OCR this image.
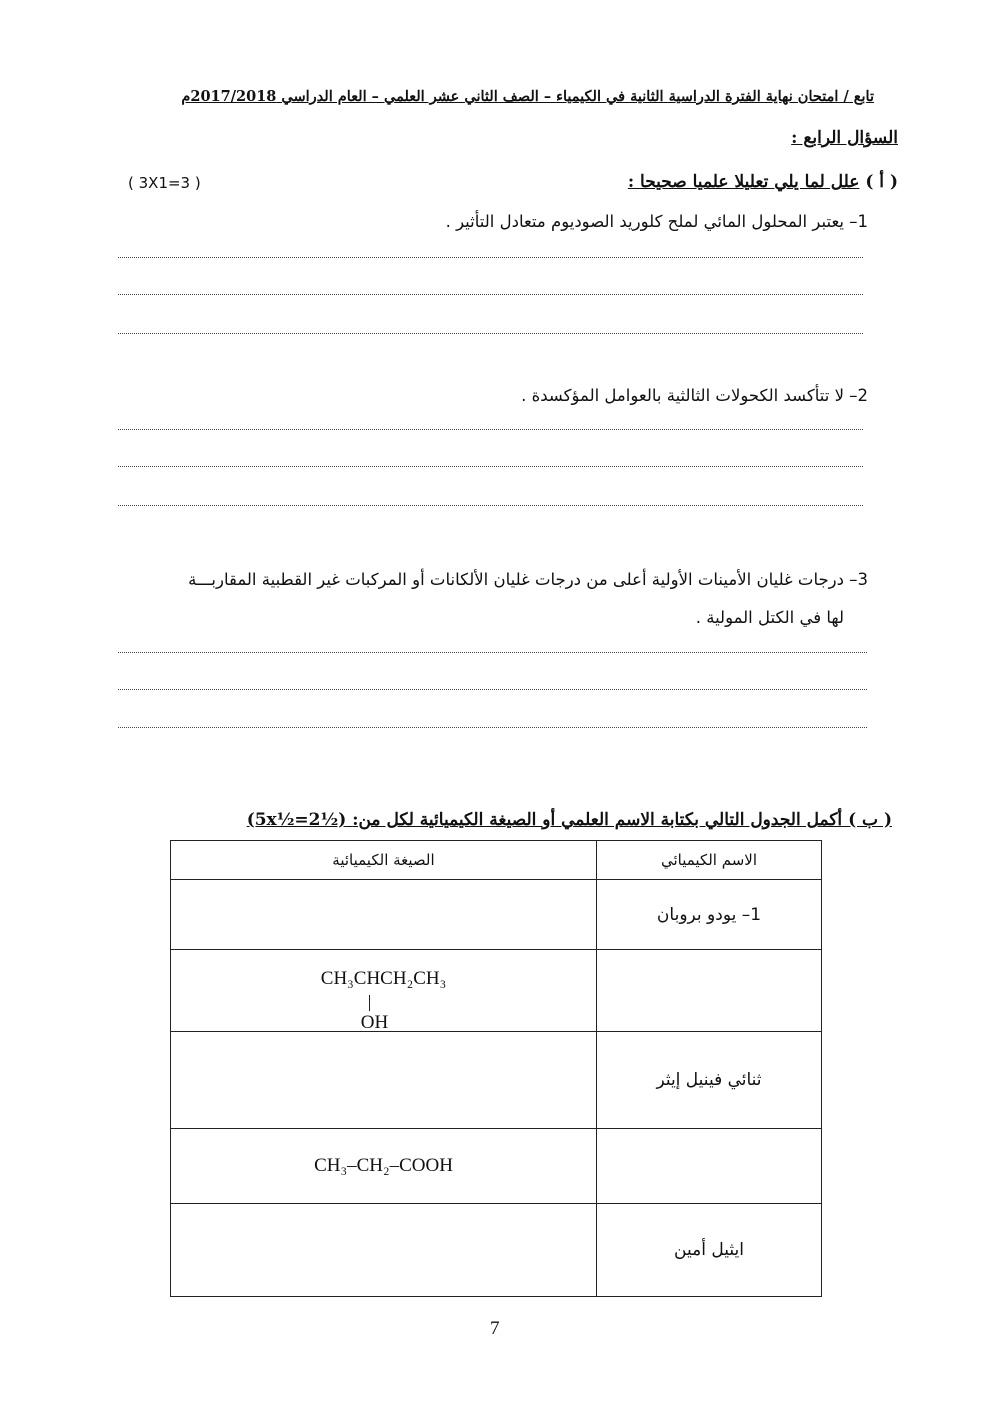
تابع / امتحان نهاية الفترة الدراسية الثانية في الكيمياء – الصف الثاني عشر العلمي – العام الدراسي 2017/2018م
السؤال الرابع :
( أ ) علل لما يلي تعليلا علميا صحيحا :
( 3X1=3 )
1– يعتبر المحلول المائي لملح كلوريد الصوديوم متعادل التأثير .
2– لا تتأكسد الكحولات الثالثية بالعوامل المؤكسدة .
3– درجات غليان الأمينات الأولية أعلى من درجات غليان الألكانات أو المركبات غير القطبية المقاربـــة
لها في الكتل المولية .
( ب ) أكمل الجدول التالي بكتابة الاسم العلمي أو الصيغة الكيميائية لكل من: (5x½=2½)
الاسم الكيميائي	الصيغة الكيميائية
1– يودو بروبان	
	CH₃CHCH₂CH₃
OH

ثنائي فينيل إيثر	
	CH₃–CH₂–COOH
ايثيل أمين	
7
